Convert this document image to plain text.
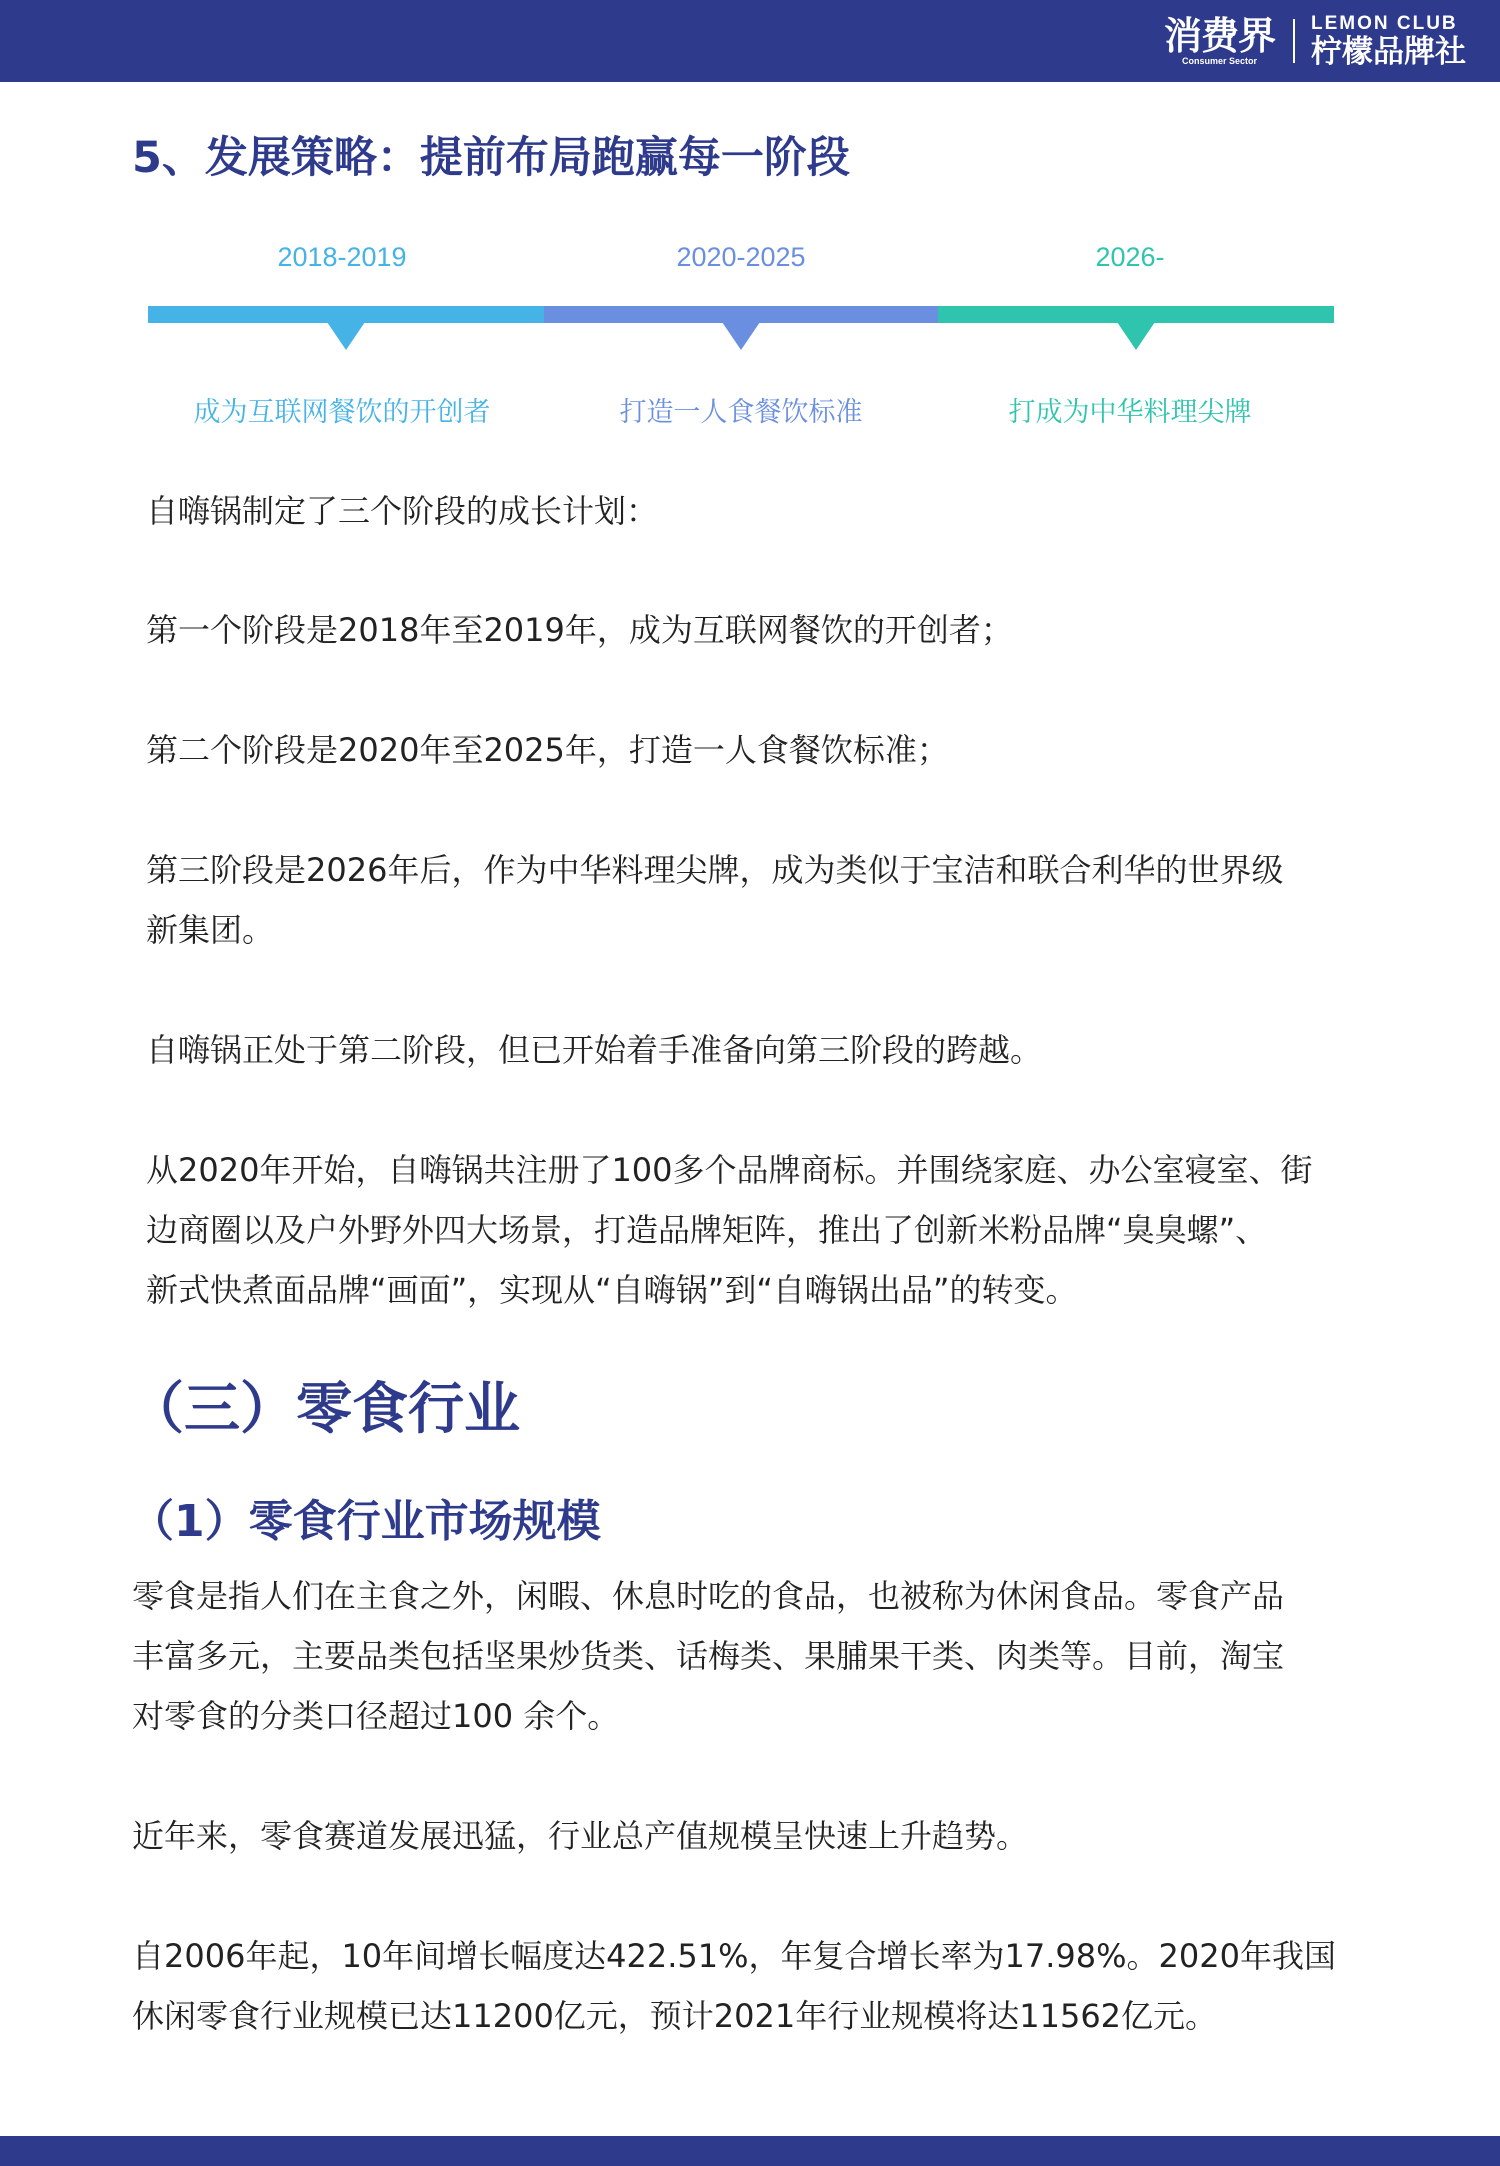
消费界
Consumer Sector
LEMON CLUB
柠檬品牌社
5、发展策略：提前布局跑赢每一阶段
2018-2019	2020-2025	2026-
成为互联网餐饮的开创者	打造一人食餐饮标准	打成为中华料理尖牌
自嗨锅制定了三个阶段的成长计划：
第一个阶段是2018年至2019年，成为互联网餐饮的开创者；
第二个阶段是2020年至2025年，打造一人食餐饮标准；
第三阶段是2026年后，作为中华料理尖牌，成为类似于宝洁和联合利华的世界级
新集团。
自嗨锅正处于第二阶段，但已开始着手准备向第三阶段的跨越。
从2020年开始，自嗨锅共注册了100多个品牌商标。并围绕家庭、办公室寝室、街
边商圈以及户外野外四大场景，打造品牌矩阵，推出了创新米粉品牌“臭臭螺”、
新式快煮面品牌“画面”，实现从“自嗨锅”到“自嗨锅出品”的转变。
（三）零食行业
（1）零食行业市场规模
零食是指人们在主食之外，闲暇、休息时吃的食品，也被称为休闲食品。零食产品
丰富多元，主要品类包括坚果炒货类、话梅类、果脯果干类、肉类等。目前，淘宝
对零食的分类口径超过100 余个。
近年来，零食赛道发展迅猛，行业总产值规模呈快速上升趋势。
自2006年起，10年间增长幅度达422.51%，年复合增长率为17.98%。2020年我国
休闲零食行业规模已达11200亿元，预计2021年行业规模将达11562亿元。
